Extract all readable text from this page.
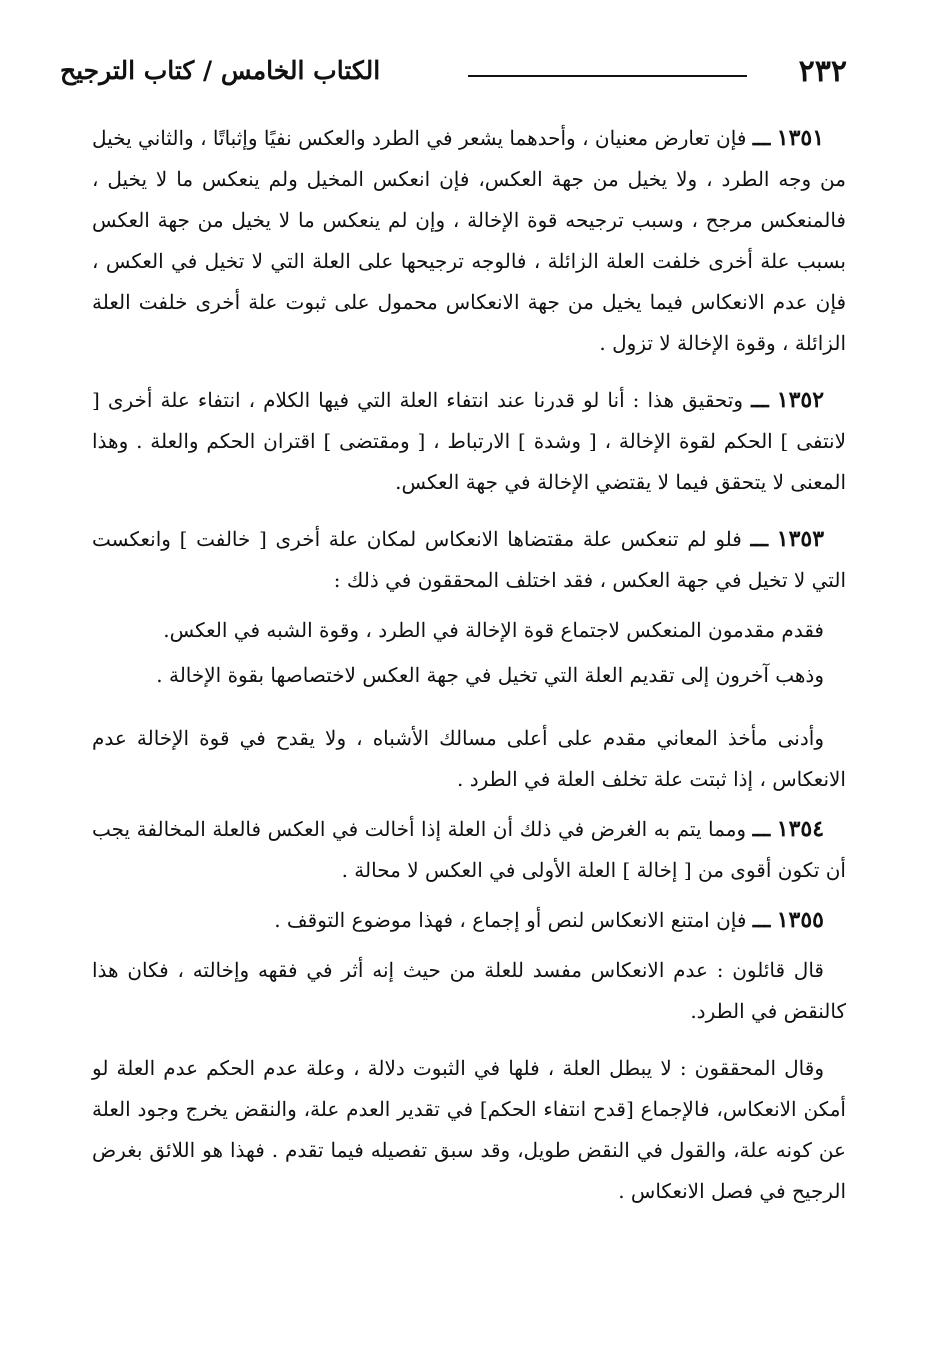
٢٣٢
الكتاب الخامس / كتاب الترجيح

١٣٥١ ـــ فإن تعارض معنيان ، وأحدهما يشعر في الطرد والعكس نفيًا وإثباتًا ، والثاني يخيل من وجه الطرد ، ولا يخيل من جهة العكس، فإن انعكس المخيل ولم ينعكس ما لا يخيل ، فالمنعكس مرجح ، وسبب ترجيحه قوة الإخالة ، وإن لم ينعكس ما لا يخيل من جهة العكس بسبب علة أخرى خلفت العلة الزائلة ، فالوجه ترجيحها على العلة التي لا تخيل في العكس ، فإن عدم الانعكاس فيما يخيل من جهة الانعكاس محمول على ثبوت علة أخرى خلفت العلة الزائلة ، وقوة الإخالة لا تزول .

١٣٥٢ ـــ وتحقيق هذا : أنا لو قدرنا عند انتفاء العلة التي فيها الكلام ، انتفاء علة أخرى [ لانتفى ] الحكم لقوة الإخالة ، [ وشدة ] الارتباط ، [ ومقتضى ] اقتران الحكم والعلة . وهذا المعنى لا يتحقق فيما لا يقتضي الإخالة في جهة العكس.

١٣٥٣ ـــ فلو لم تنعكس علة مقتضاها الانعكاس لمكان علة أخرى [ خالفت ] وانعكست التي لا تخيل في جهة العكس ، فقد اختلف المحققون في ذلك :

فقدم مقدمون المنعكس لاجتماع قوة الإخالة في الطرد ، وقوة الشبه في العكس.

وذهب آخرون إلى تقديم العلة التي تخيل في جهة العكس لاختصاصها بقوة الإخالة .

وأدنى مأخذ المعاني مقدم على أعلى مسالك الأشباه ، ولا يقدح في قوة الإخالة عدم الانعكاس ، إذا ثبتت علة تخلف العلة في الطرد .

١٣٥٤ ـــ ومما يتم به الغرض في ذلك أن العلة إذا أخالت في العكس فالعلة المخالفة يجب أن تكون أقوى من [ إخالة ] العلة الأولى في العكس لا محالة .

١٣٥٥ ـــ فإن امتنع الانعكاس لنص أو إجماع ، فهذا موضوع التوقف .

قال قائلون : عدم الانعكاس مفسد للعلة من حيث إنه أثر في فقهه وإخالته ، فكان هذا كالنقض في الطرد.

وقال المحققون : لا يبطل العلة ، فلها في الثبوت دلالة ، وعلة عدم الحكم عدم العلة لو أمكن الانعكاس، فالإجماع [قدح انتفاء الحكم] في تقدير العدم علة، والنقض يخرج وجود العلة عن كونه علة، والقول في النقض طويل، وقد سبق تفصيله فيما تقدم . فهذا هو اللائق بغرض الرجيح في فصل الانعكاس .
